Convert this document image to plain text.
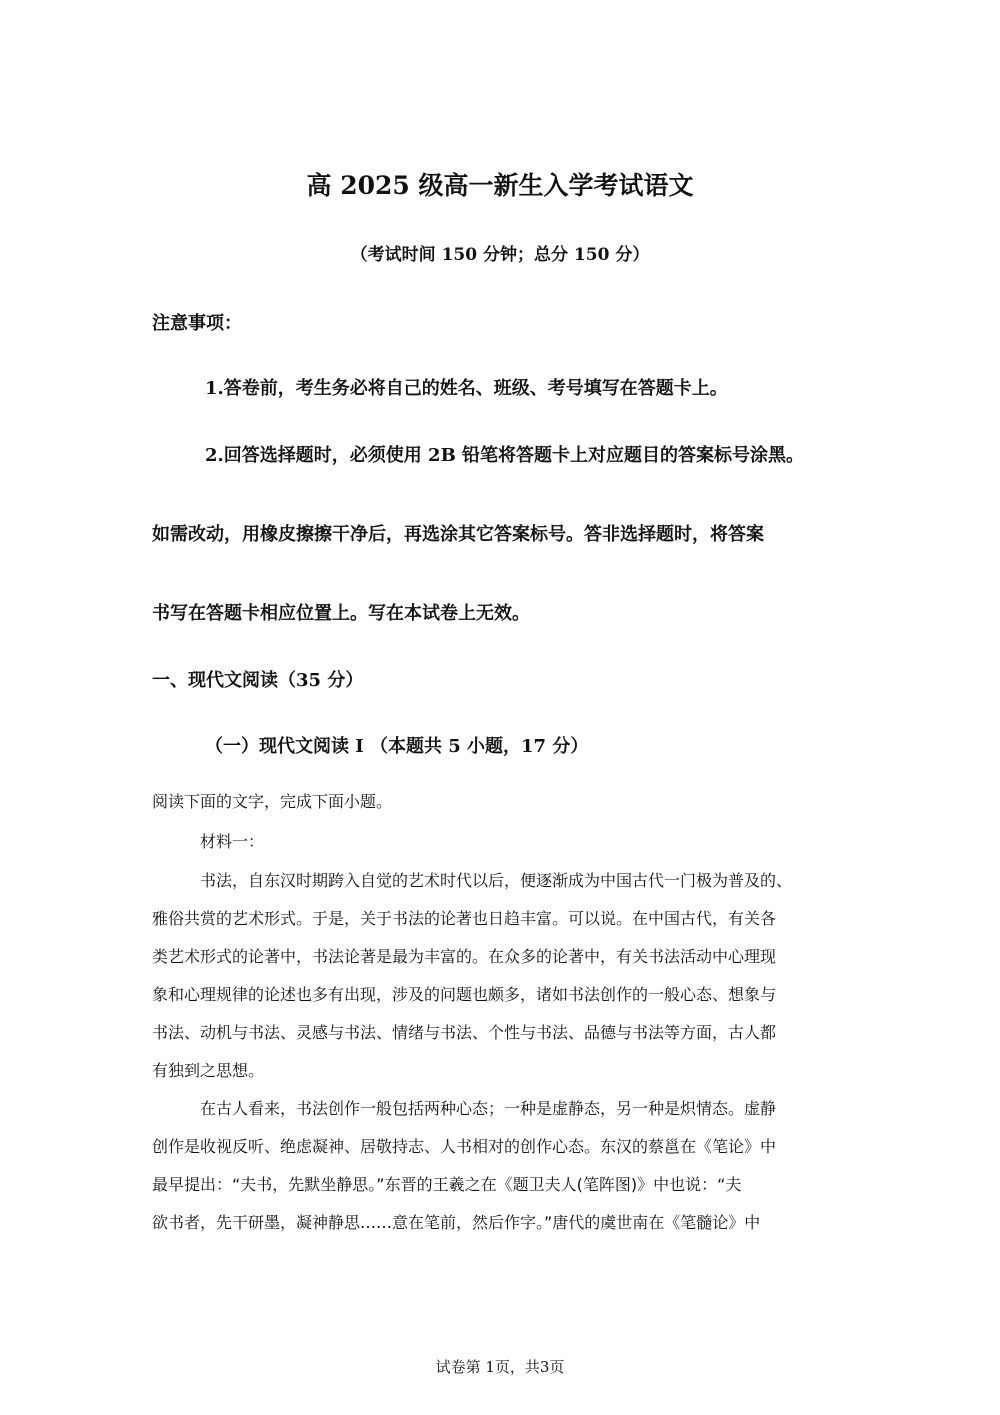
高 2025 级高一新生入学考试语文
（考试时间 150 分钟；总分 150 分）
注意事项：
1.答卷前，考生务必将自己的姓名、班级、考号填写在答题卡上。
2.回答选择题时，必须使用 2B 铅笔将答题卡上对应题目的答案标号涂黑。
如需改动，用橡皮擦擦干净后，再选涂其它答案标号。答非选择题时，将答案
书写在答题卡相应位置上。写在本试卷上无效。
一、现代文阅读（35 分）
（一）现代文阅读 I （本题共 5 小题，17 分）
阅读下面的文字，完成下面小题。
材料一：
书法，自东汉时期跨入自觉的艺术时代以后，便逐渐成为中国古代一门极为普及的、
雅俗共赏的艺术形式。于是，关于书法的论著也日趋丰富。可以说。在中国古代，有关各
类艺术形式的论著中，书法论著是最为丰富的。在众多的论著中，有关书法活动中心理现
象和心理规律的论述也多有出现，涉及的问题也颇多，诸如书法创作的一般心态、想象与
书法、动机与书法、灵感与书法、情绪与书法、个性与书法、品德与书法等方面，古人都
有独到之思想。
在古人看来，书法创作一般包括两种心态；一种是虚静态，另一种是炽情态。虚静
创作是收视反听、绝虑凝神、居敬持志、人书相对的创作心态。东汉的蔡邕在《笔论》中
最早提出：“夫书，先默坐静思。”东晋的王羲之在《题卫夫人(笔阵图)》中也说：“夫
欲书者，先干研墨，凝神静思……意在笔前，然后作字。”唐代的虞世南在《笔髓论》中
试卷第 1页，共3页
